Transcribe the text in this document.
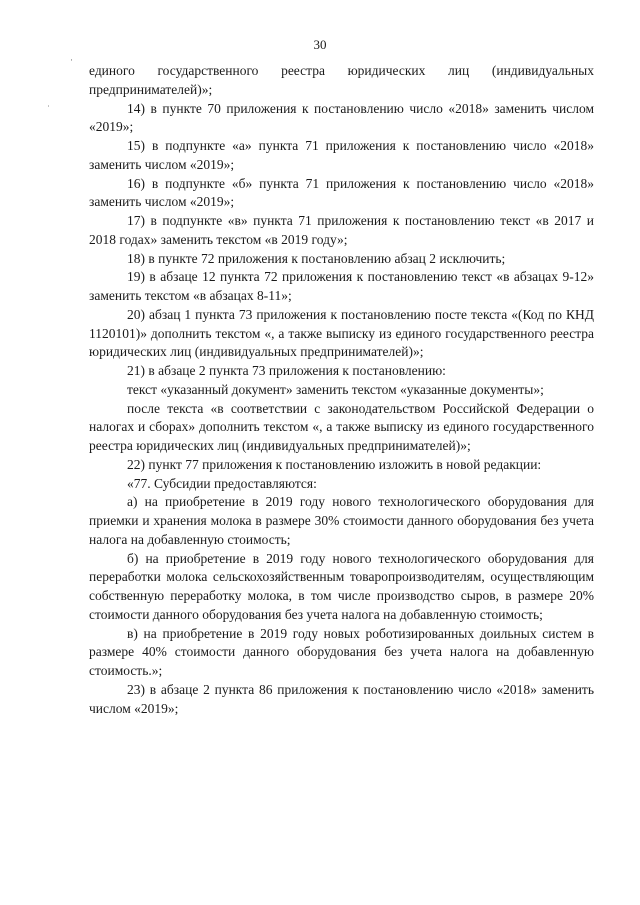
30
·
˙

единого государственного реестра юридических лиц (индивидуальных предпринимателей)»;

14) в пункте 70 приложения к постановлению число «2018» заменить числом «2019»;

15) в подпункте «а» пункта 71 приложения к постановлению число «2018» заменить числом «2019»;

16) в подпункте «б» пункта 71 приложения к постановлению число «2018» заменить числом «2019»;

17) в подпункте «в» пункта 71 приложения к постановлению текст «в 2017 и 2018 годах» заменить текстом «в 2019 году»;

18) в пункте 72 приложения к постановлению абзац 2 исключить;

19) в абзаце 12 пункта 72 приложения к постановлению текст «в абзацах 9-12» заменить текстом «в абзацах 8-11»;

20) абзац 1 пункта 73 приложения к постановлению посте текста «(Код по КНД 1120101)» дополнить текстом «, а также выписку из единого государственного реестра юридических лиц (индивидуальных предпринимателей)»;

21) в абзаце 2 пункта 73 приложения к постановлению:

текст «указанный документ» заменить текстом «указанные документы»;

после текста «в соответствии с законодательством Российской Федерации о налогах и сборах» дополнить текстом «, а также выписку из единого государственного реестра юридических лиц (индивидуальных предпринимателей)»;

22) пункт 77 приложения к постановлению изложить в новой редакции:

«77. Субсидии предоставляются:

а) на приобретение в 2019 году нового технологического оборудования для приемки и хранения молока в размере 30% стоимости данного оборудования без учета налога на добавленную стоимость;

б) на приобретение в 2019 году нового технологического оборудования для переработки молока сельскохозяйственным товаропроизводителям, осуществляющим собственную переработку молока, в том числе производство сыров, в размере 20% стоимости данного оборудования без учета налога на добавленную стоимость;

в) на приобретение в 2019 году новых роботизированных доильных систем в размере 40% стоимости данного оборудования без учета налога на добавленную стоимость.»;

23) в абзаце 2 пункта 86 приложения к постановлению число «2018» заменить числом «2019»;
